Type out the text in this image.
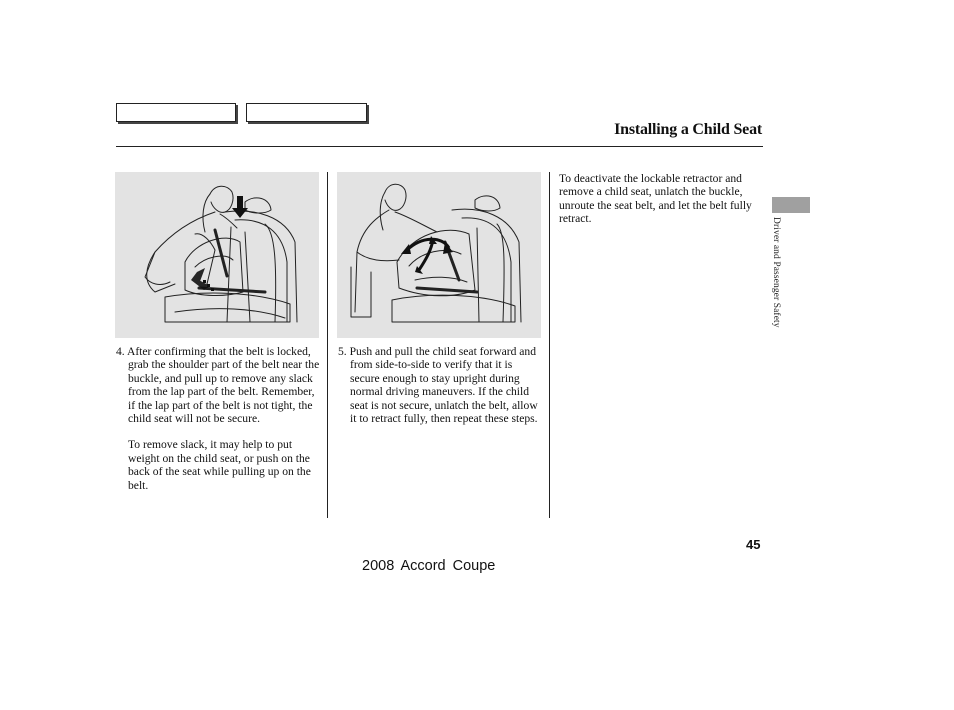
Installing a Child Seat

4. After confirming that the belt is locked, grab the shoulder part of the belt near the buckle, and pull up to remove any slack from the lap part of the belt. Remember, if the lap part of the belt is not tight, the child seat will not be secure.

To remove slack, it may help to put weight on the child seat, or push on the back of the seat while pulling up on the belt.

5. Push and pull the child seat forward and from side-to-side to verify that it is secure enough to stay upright during normal driving maneuvers. If the child seat is not secure, unlatch the belt, allow it to retract fully, then repeat these steps.

To deactivate the lockable retractor and remove a child seat, unlatch the buckle, unroute the seat belt, and let the belt fully retract.	Driver and Passenger Safety
45
2008 Accord Coupe
